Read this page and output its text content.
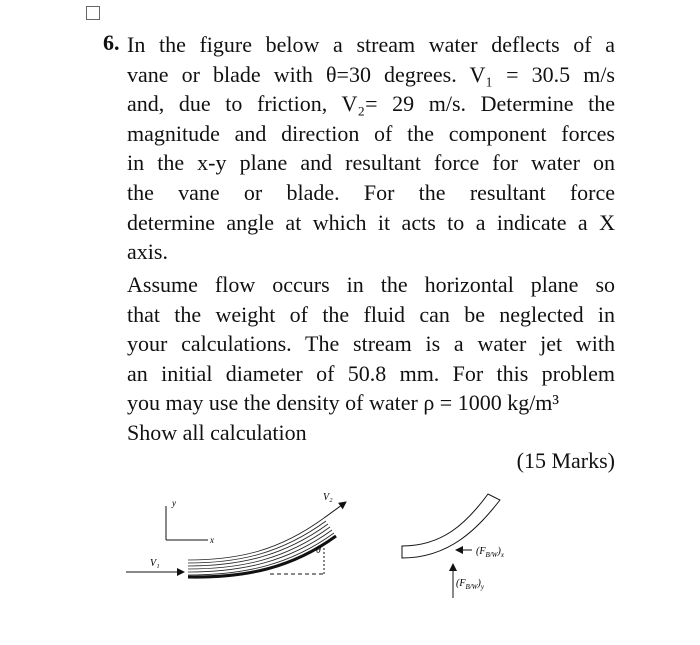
6. In the figure below a stream water deflects of a
vane or blade with θ=30 degrees. V₁ = 30.5 m/s
and, due to friction, V₂= 29 m/s. Determine the
magnitude and direction of the component forces
in the x-y plane and resultant force for water on
the vane or blade. For the resultant force
determine angle at which it acts to a indicate a X
axis.
Assume flow occurs in the horizontal plane so
that the weight of the fluid can be neglected in
your calculations. The stream is a water jet with
an initial diameter of 50.8 mm. For this problem
you may use the density of water ρ = 1000 kg/m³
Show all calculation
(15 Marks)
y
x
V₁
V₂
θ	$(F_{B/W})_x$
$(F_{B/W})_y$
